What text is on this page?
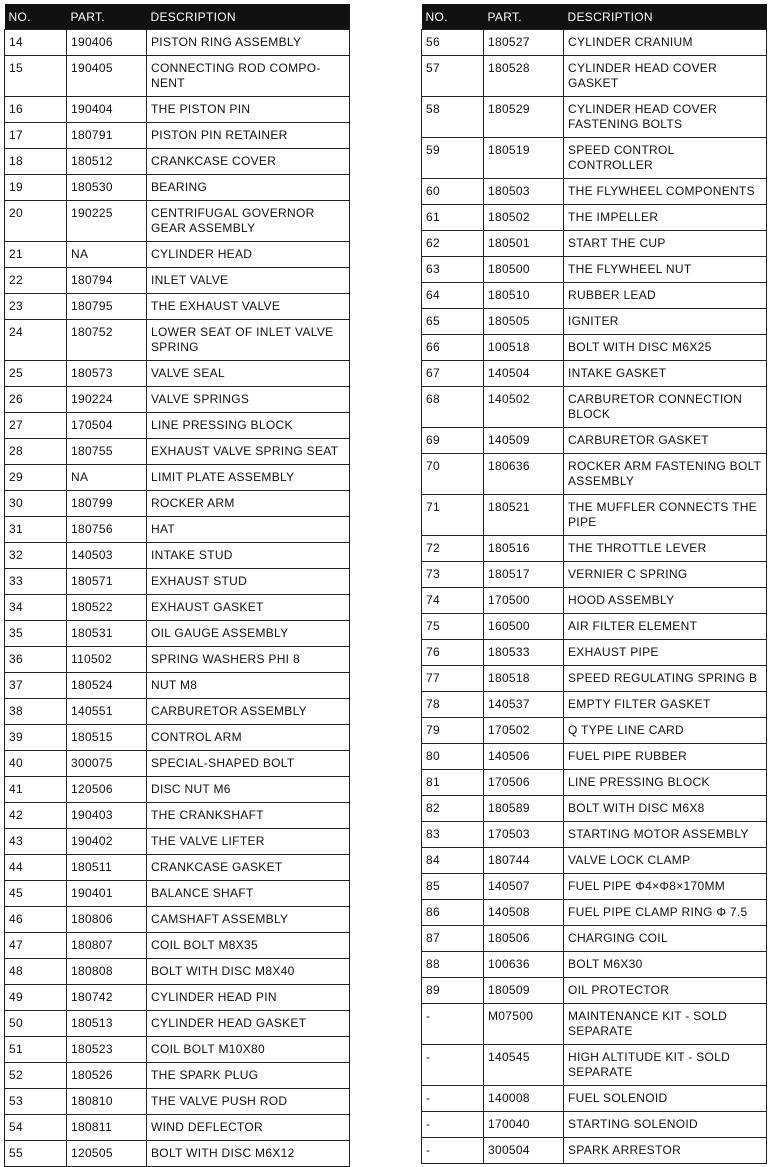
NO.	PART.	DESCRIPTION
14	190406	PISTON RING ASSEMBLY
15	190405	CONNECTING ROD COMPO-NENT
16	190404	THE PISTON PIN
17	180791	PISTON PIN RETAINER
18	180512	CRANKCASE COVER
19	180530	BEARING
20	190225	CENTRIFUGAL GOVERNOR GEAR ASSEMBLY
21	NA	CYLINDER HEAD
22	180794	INLET VALVE
23	180795	THE EXHAUST VALVE
24	180752	LOWER SEAT OF INLET VALVE SPRING
25	180573	VALVE SEAL
26	190224	VALVE SPRINGS
27	170504	LINE PRESSING BLOCK
28	180755	EXHAUST VALVE SPRING SEAT
29	NA	LIMIT PLATE ASSEMBLY
30	180799	ROCKER ARM
31	180756	HAT
32	140503	INTAKE STUD
33	180571	EXHAUST STUD
34	180522	EXHAUST GASKET
35	180531	OIL GAUGE ASSEMBLY
36	110502	SPRING WASHERS PHI 8
37	180524	NUT M8
38	140551	CARBURETOR ASSEMBLY
39	180515	CONTROL ARM
40	300075	SPECIAL-SHAPED BOLT
41	120506	DISC NUT M6
42	190403	THE CRANKSHAFT
43	190402	THE VALVE LIFTER
44	180511	CRANKCASE GASKET
45	190401	BALANCE SHAFT
46	180806	CAMSHAFT ASSEMBLY
47	180807	COIL BOLT M8X35
48	180808	BOLT WITH DISC M8X40
49	180742	CYLINDER HEAD PIN
50	180513	CYLINDER HEAD GASKET
51	180523	COIL BOLT M10X80
52	180526	THE SPARK PLUG
53	180810	THE VALVE PUSH ROD
54	180811	WIND DEFLECTOR
55	120505	BOLT WITH DISC M6X12
NO.	PART.	DESCRIPTION
56	180527	CYLINDER CRANIUM
57	180528	CYLINDER HEAD COVER GASKET
58	180529	CYLINDER HEAD COVER FASTENING BOLTS
59	180519	SPEED CONTROL CONTROLLER
60	180503	THE FLYWHEEL COMPONENTS
61	180502	THE IMPELLER
62	180501	START THE CUP
63	180500	THE FLYWHEEL NUT
64	180510	RUBBER LEAD
65	180505	IGNITER
66	100518	BOLT WITH DISC M6X25
67	140504	INTAKE GASKET
68	140502	CARBURETOR CONNECTION BLOCK
69	140509	CARBURETOR GASKET
70	180636	ROCKER ARM FASTENING BOLT ASSEMBLY
71	180521	THE MUFFLER CONNECTS THE PIPE
72	180516	THE THROTTLE LEVER
73	180517	VERNIER C SPRING
74	170500	HOOD ASSEMBLY
75	160500	AIR FILTER ELEMENT
76	180533	EXHAUST PIPE
77	180518	SPEED REGULATING SPRING B
78	140537	EMPTY FILTER GASKET
79	170502	Q TYPE LINE CARD
80	140506	FUEL PIPE RUBBER
81	170506	LINE PRESSING BLOCK
82	180589	BOLT WITH DISC M6X8
83	170503	STARTING MOTOR ASSEMBLY
84	180744	VALVE LOCK CLAMP
85	140507	FUEL PIPE Φ4×Φ8×170MM
86	140508	FUEL PIPE CLAMP RING Φ 7.5
87	180506	CHARGING COIL
88	100636	BOLT M6X30
89	180509	OIL PROTECTOR
-	M07500	MAINTENANCE KIT - SOLD SEPARATE
-	140545	HIGH ALTITUDE KIT - SOLD SEPARATE
-	140008	FUEL SOLENOID
-	170040	STARTING SOLENOID
-	300504	SPARK ARRESTOR
